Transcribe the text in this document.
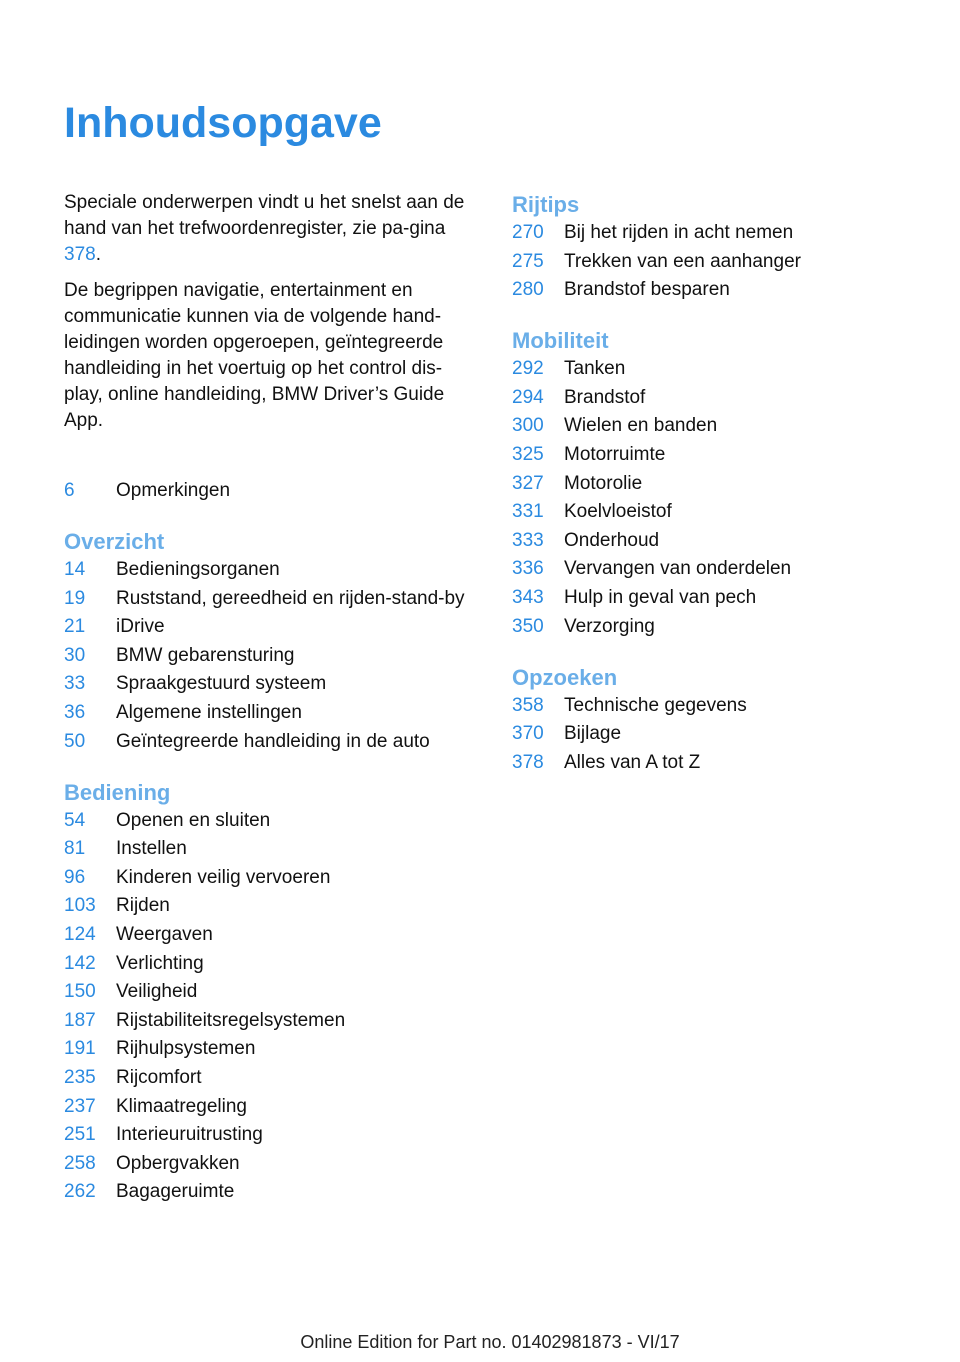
Inhoudsopgave

Speciale onderwerpen vindt u het snelst aan de hand van het trefwoordenregister, zie pa‐gina 378.

De begrippen navigatie, entertainment en communicatie kunnen via de volgende hand‐leidingen worden opgeroepen, geïntegreerde handleiding in het voertuig op het control dis‐play, online handleiding, BMW Driver’s Guide App.

6	Opmerkingen
Overzicht
14	Bedieningsorganen
19	Ruststand, gereedheid en rijden-stand-by
21	iDrive
30	BMW gebarensturing
33	Spraakgestuurd systeem
36	Algemene instellingen
50	Geïntegreerde handleiding in de auto
Bediening
54	Openen en sluiten
81	Instellen
96	Kinderen veilig vervoeren
103	Rijden
124	Weergaven
142	Verlichting
150	Veiligheid
187	Rijstabiliteitsregelsystemen
191	Rijhulpsystemen
235	Rijcomfort
237	Klimaatregeling
251	Interieuruitrusting
258	Opbergvakken
262	Bagageruimte
Rijtips
270	Bij het rijden in acht nemen
275	Trekken van een aanhanger
280	Brandstof besparen
Mobiliteit
292	Tanken
294	Brandstof
300	Wielen en banden
325	Motorruimte
327	Motorolie
331	Koelvloeistof
333	Onderhoud
336	Vervangen van onderdelen
343	Hulp in geval van pech
350	Verzorging
Opzoeken
358	Technische gegevens
370	Bijlage
378	Alles van A tot Z
Online Edition for Part no. 01402981873 - VI/17
